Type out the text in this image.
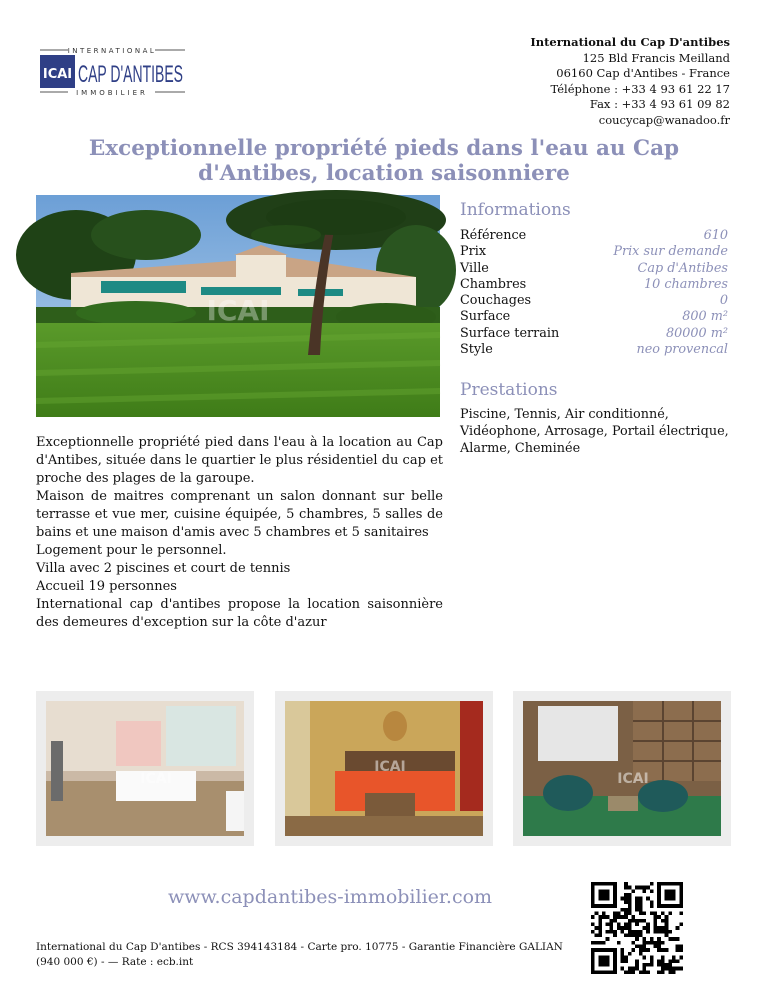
INTERNATIONAL
ICAI CAP D'ANTIBES
IMMOBILIER
International du Cap D'antibes
125 Bld Francis Meilland
06160 Cap d'Antibes - France
Téléphone : +33 4 93 61 22 17
Fax : +33 4 93 61 09 82
coucycap@wanadoo.fr
Exceptionnelle propriété pieds dans l'eau au Cap d'Antibes, location saisonniere
ICAI
Informations
Référence	610
Prix	Prix sur demande
Ville	Cap d'Antibes
Chambres	10 chambres
Couchages	0
Surface	800 m²
Surface terrain	80000 m²
Style	neo provencal
Prestations
Piscine, Tennis, Air conditionné, Vidéophone, Arrosage, Portail électrique, Alarme, Cheminée

Exceptionnelle propriété pied dans l'eau à la location au Cap d'Antibes, située dans le quartier le plus résidentiel du cap et proche des plages de la garoupe.

Maison de maitres comprenant un salon donnant sur belle terrasse et vue mer, cuisine équipée, 5 chambres, 5 salles de bains et une maison d'amis avec 5 chambres et 5 sanitaires

Logement pour le personnel.

Villa avec 2 piscines et court de tennis

Accueil 19 personnes

International cap d'antibes propose la location saisonnière des demeures d'exception sur la côte d'azur

ICAI
ICAI
ICAI
www.capdantibes-immobilier.com
International du Cap D'antibes - RCS 394143184 - Carte pro. 10775 - Garantie Financière GALIAN
(940 000 €) - — Rate : ecb.int
